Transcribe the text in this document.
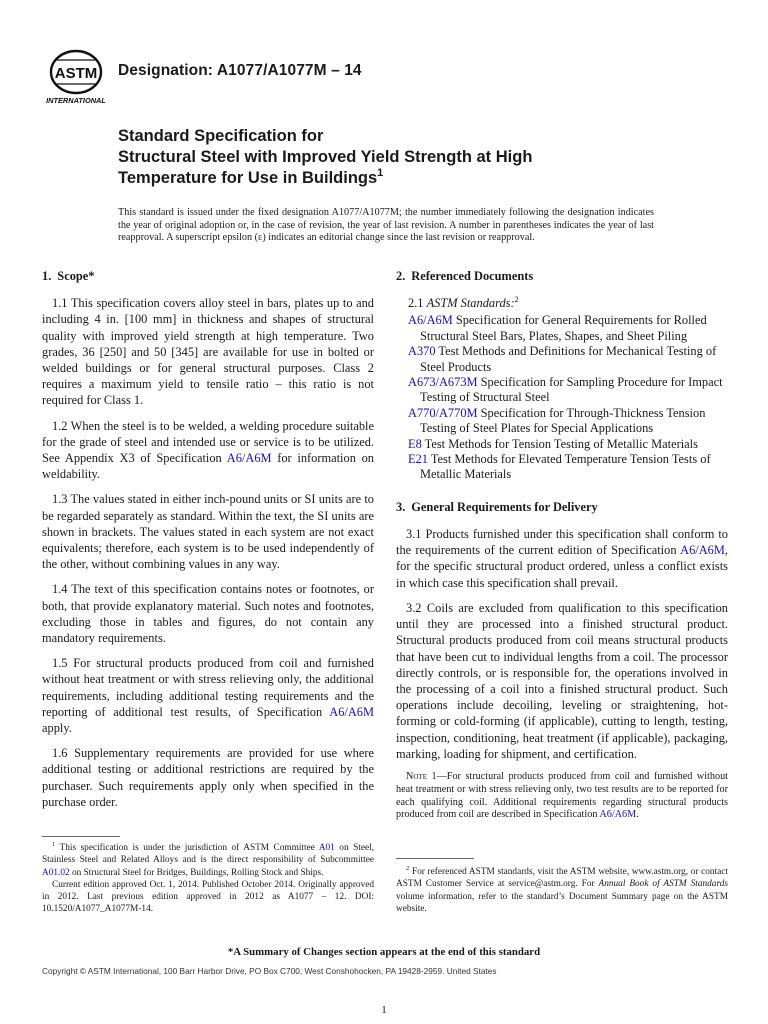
ASTM
INTERNATIONAL
Designation: A1077/A1077M – 14
Standard Specification for
Structural Steel with Improved Yield Strength at High
Temperature for Use in Buildings$^1$
This standard is issued under the fixed designation A1077/A1077M; the number immediately following the designation indicates the year of original adoption or, in the case of revision, the year of last revision. A number in parentheses indicates the year of last reapproval. A superscript epsilon (ε) indicates an editorial change since the last revision or reapproval.
1. Scope*

1.1 This specification covers alloy steel in bars, plates up to and including 4 in. [100 mm] in thickness and shapes of structural quality with improved yield strength at high temperature. Two grades, 36 [250] and 50 [345] are available for use in bolted or welded buildings or for general structural purposes. Class 2 requires a maximum yield to tensile ratio – this ratio is not required for Class 1.

1.2 When the steel is to be welded, a welding procedure suitable for the grade of steel and intended use or service is to be utilized. See Appendix X3 of Specification A6/A6M for information on weldability.

1.3 The values stated in either inch-pound units or SI units are to be regarded separately as standard. Within the text, the SI units are shown in brackets. The values stated in each system are not exact equivalents; therefore, each system is to be used independently of the other, without combining values in any way.

1.4 The text of this specification contains notes or footnotes, or both, that provide explanatory material. Such notes and footnotes, excluding those in tables and figures, do not contain any mandatory requirements.

1.5 For structural products produced from coil and furnished without heat treatment or with stress relieving only, the additional requirements, including additional testing requirements and the reporting of additional test results, of Specification A6/A6M apply.

1.6 Supplementary requirements are provided for use where additional testing or additional restrictions are required by the purchaser. Such requirements apply only when specified in the purchase order.

2. Referenced Documents
2.1 ASTM Standards:$^2$
A6/A6M Specification for General Requirements for Rolled Structural Steel Bars, Plates, Shapes, and Sheet Piling
A370 Test Methods and Definitions for Mechanical Testing of Steel Products
A673/A673M Specification for Sampling Procedure for Impact Testing of Structural Steel
A770/A770M Specification for Through-Thickness Tension Testing of Steel Plates for Special Applications
E8 Test Methods for Tension Testing of Metallic Materials
E21 Test Methods for Elevated Temperature Tension Tests of Metallic Materials
3. General Requirements for Delivery

3.1 Products furnished under this specification shall conform to the requirements of the current edition of Specification A6/A6M, for the specific structural product ordered, unless a conflict exists in which case this specification shall prevail.

3.2 Coils are excluded from qualification to this specification until they are processed into a finished structural product. Structural products produced from coil means structural products that have been cut to individual lengths from a coil. The processor directly controls, or is responsible for, the operations involved in the processing of a coil into a finished structural product. Such operations include decoiling, leveling or straightening, hot-forming or cold-forming (if applicable), cutting to length, testing, inspection, conditioning, heat treatment (if applicable), packaging, marking, loading for shipment, and certification.

Note 1—For structural products produced from coil and furnished without heat treatment or with stress relieving only, two test results are to be reported for each qualifying coil. Additional requirements regarding structural products produced from coil are described in Specification A6/A6M.

$^1$ This specification is under the jurisdiction of ASTM Committee A01 on Steel, Stainless Steel and Related Alloys and is the direct responsibility of Subcommittee A01.02 on Structural Steel for Bridges, Buildings, Rolling Stock and Ships.
Current edition approved Oct. 1, 2014. Published October 2014. Originally approved in 2012. Last previous edition approved in 2012 as A1077 – 12. DOI: 10.1520/A1077_A1077M-14.
$^2$ For referenced ASTM standards, visit the ASTM website, www.astm.org, or contact ASTM Customer Service at service@astm.org. For Annual Book of ASTM Standards volume information, refer to the standard’s Document Summary page on the ASTM website.
*A Summary of Changes section appears at the end of this standard
Copyright © ASTM International, 100 Barr Harbor Drive, PO Box C700, West Conshohocken, PA 19428-2959. United States
1
